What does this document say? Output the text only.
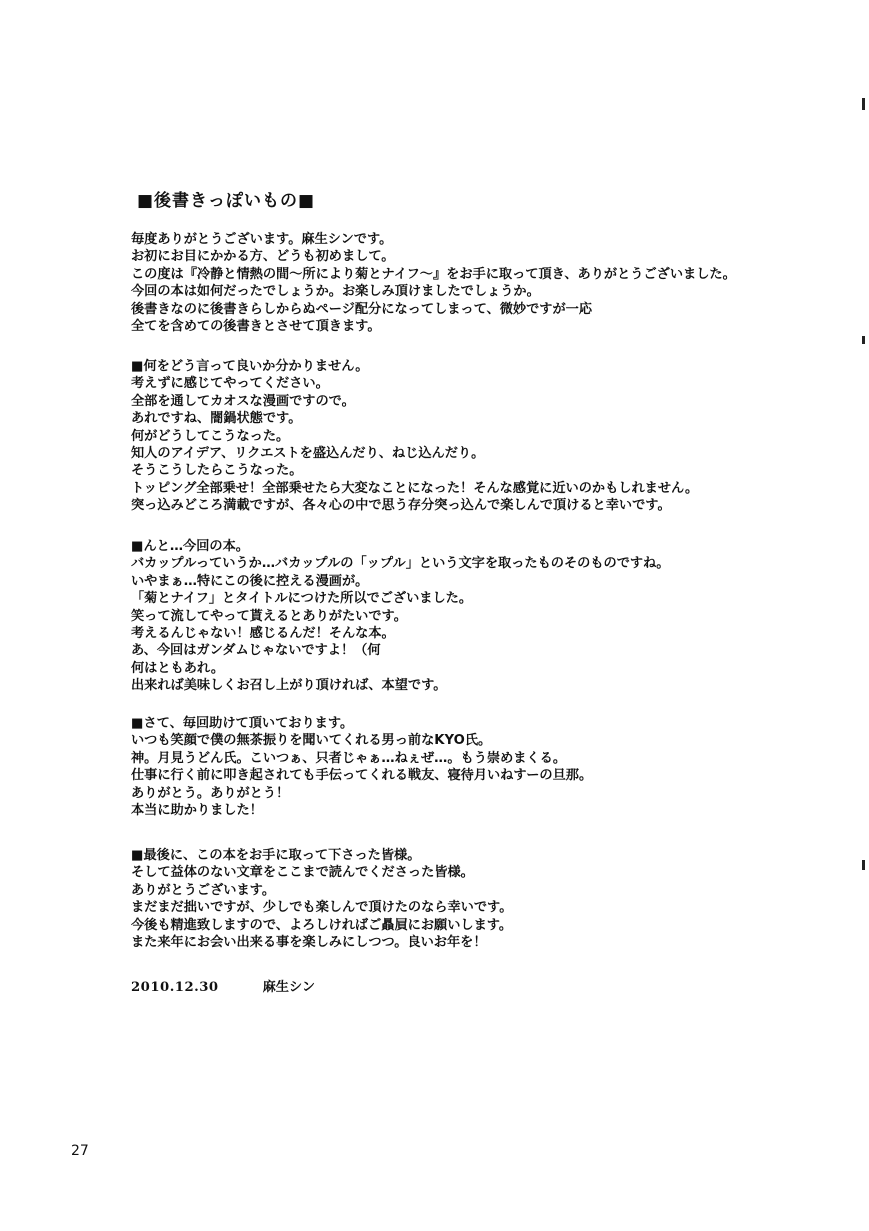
■後書きっぽいもの■
毎度ありがとうございます。麻生シンです。
お初にお目にかかる方、どうも初めまして。
この度は『冷静と情熱の間〜所により菊とナイフ〜』をお手に取って頂き、ありがとうございました。
今回の本は如何だったでしょうか。お楽しみ頂けましたでしょうか。
後書きなのに後書きらしからぬページ配分になってしまって、微妙ですが一応
全てを含めての後書きとさせて頂きます。
■何をどう言って良いか分かりません。
考えずに感じてやってください。
全部を通してカオスな漫画ですので。
あれですね、闇鍋状態です。
何がどうしてこうなった。
知人のアイデア、リクエストを盛込んだり、ねじ込んだり。
そうこうしたらこうなった。
トッピング全部乗せ！全部乗せたら大変なことになった！そんな感覚に近いのかもしれません。
突っ込みどころ満載ですが、各々心の中で思う存分突っ込んで楽しんで頂けると幸いです。
■んと…今回の本。
バカップルっていうか…バカップルの「ップル」という文字を取ったものそのものですね。
いやまぁ…特にこの後に控える漫画が。
「菊とナイフ」とタイトルにつけた所以でございました。
笑って流してやって貰えるとありがたいです。
考えるんじゃない！感じるんだ！そんな本。
あ、今回はガンダムじゃないですよ！（何
何はともあれ。
出来れば美味しくお召し上がり頂ければ、本望です。
■さて、毎回助けて頂いております。
いつも笑顔で僕の無茶振りを聞いてくれる男っ前なKYO氏。
神。月見うどん氏。こいつぁ、只者じゃぁ…ねぇぜ…。もう崇めまくる。
仕事に行く前に叩き起されても手伝ってくれる戦友、寝待月いねすーの旦那。
ありがとう。ありがとう！
本当に助かりました！
■最後に、この本をお手に取って下さった皆様。
そして益体のない文章をここまで読んでくださった皆様。
ありがとうございます。
まだまだ拙いですが、少しでも楽しんで頂けたのなら幸いです。
今後も精進致しますので、よろしければご贔屓にお願いします。
また来年にお会い出来る事を楽しみにしつつ。良いお年を！
2010.12.30	麻生シン
27
